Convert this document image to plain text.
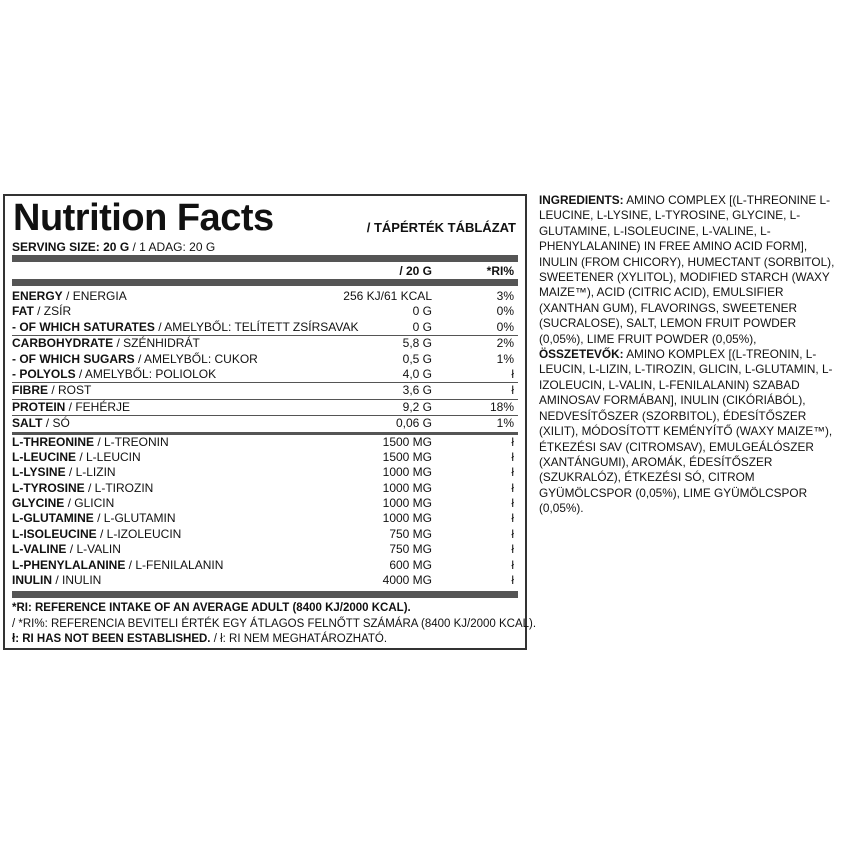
Nutrition Facts	/ TÁPÉRTÉK TÁBLÁZAT
SERVING SIZE: 20 G / 1 ADAG: 20 G
/ 20 G	*RI%
ENERGY / ENERGIA	256 KJ/61 KCAL	3%
FAT / ZSÍR	0 G	0%
- OF WHICH SATURATES / AMELYBŐL: TELÍTETT ZSÍRSAVAK	0 G	0%
CARBOHYDRATE / SZÉNHIDRÁT	5,8 G	2%
- OF WHICH SUGARS / AMELYBŐL: CUKOR	0,5 G	1%
- POLYOLS / AMELYBŐL: POLIOLOK	4,0 G	ł
FIBRE / ROST	3,6 G	ł
PROTEIN / FEHÉRJE	9,2 G	18%
SALT / SÓ	0,06 G	1%
L-THREONINE / L-TREONIN	1500 MG	ł
L-LEUCINE / L-LEUCIN	1500 MG	ł
L-LYSINE / L-LIZIN	1000 MG	ł
L-TYROSINE / L-TIROZIN	1000 MG	ł
GLYCINE / GLICIN	1000 MG	ł
L-GLUTAMINE / L-GLUTAMIN	1000 MG	ł
L-ISOLEUCINE / L-IZOLEUCIN	750 MG	ł
L-VALINE / L-VALIN	750 MG	ł
L-PHENYLALANINE / L-FENILALANIN	600 MG	ł
INULIN / INULIN	4000 MG	ł
*RI: REFERENCE INTAKE OF AN AVERAGE ADULT (8400 KJ/2000 KCAL).
/ *RI%: REFERENCIA BEVITELI ÉRTÉK EGY ÁTLAGOS FELNŐTT SZÁMÁRA (8400 KJ/2000 KCAL).
ł: RI HAS NOT BEEN ESTABLISHED. / ł: RI NEM MEGHATÁROZHATÓ.

INGREDIENTS: AMINO COMPLEX [(L-THREONINE L-LEUCINE, L-LYSINE, L-TYROSINE, GLYCINE, L-GLUTAMINE, L-ISOLEUCINE, L-VALINE, L-PHENYLALANINE) IN FREE AMINO ACID FORM], INULIN (FROM CHICORY), HUMECTANT (SORBITOL), SWEETENER (XYLITOL), MODIFIED STARCH (WAXY MAIZE™), ACID (CITRIC ACID), EMULSIFIER (XANTHAN GUM), FLAVORINGS, SWEETENER (SUCRALOSE), SALT, LEMON FRUIT POWDER (0,05%), LIME FRUIT POWDER (0,05%),

ÖSSZETEVŐK: AMINO KOMPLEX [(L-TREONIN, L-LEUCIN, L-LIZIN, L-TIROZIN, GLICIN, L-GLUTAMIN, L-IZOLEUCIN, L-VALIN, L-FENILALANIN) SZABAD AMINOSAV FORMÁBAN], INULIN (CIKÓRIÁBÓL), NEDVESÍTŐSZER (SZORBITOL), ÉDESÍTŐSZER (XILIT), MÓDOSÍTOTT KEMÉNYÍTŐ (WAXY MAIZE™), ÉTKEZÉSI SAV (CITROMSAV), EMULGEÁLÓSZER (XANTÁNGUMI), AROMÁK, ÉDESÍTŐSZER (SZUKRALÓZ), ÉTKEZÉSI SÓ, CITROM GYÜMÖLCSPOR (0,05%), LIME GYÜMÖLCSPOR (0,05%).
